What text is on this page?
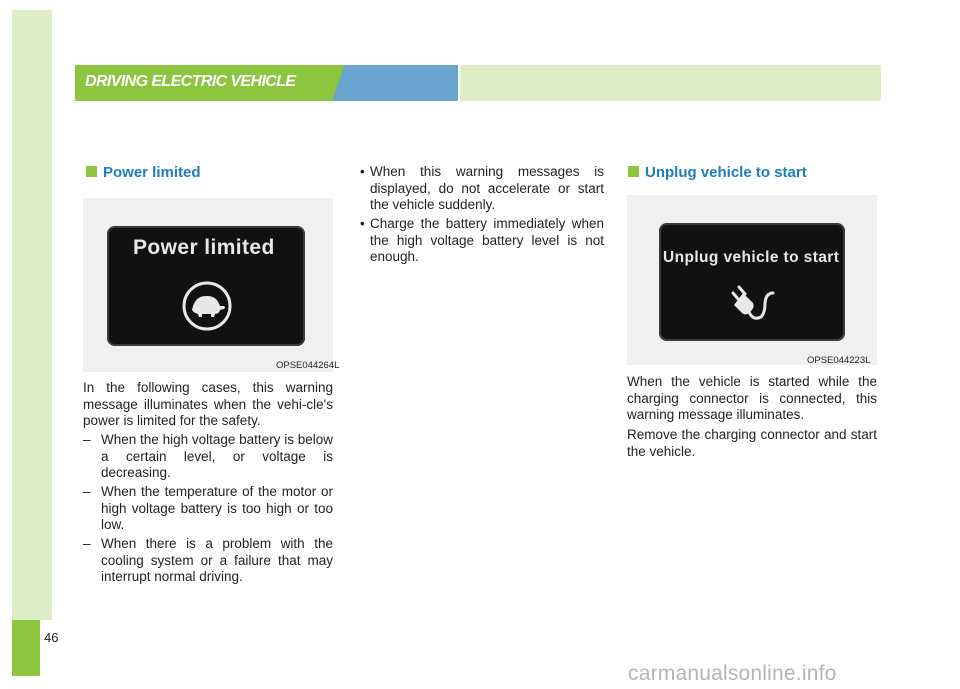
46
DRIVING ELECTRIC VEHICLE
Power limited
Power limited
OPSE044264L

In the following cases, this warning message illuminates when the vehi-cle's power is limited for the safety.

– When the high voltage battery is below a certain level, or voltage is decreasing.
– When the temperature of the motor or high voltage battery is too high or too low.
– When there is a problem with the cooling system or a failure that may interrupt normal driving.
• When this warning messages is displayed, do not accelerate or start the vehicle suddenly.
• Charge the battery immediately when the high voltage battery level is not enough.
Unplug vehicle to start
Unplug vehicle to start
OPSE044223L

When the vehicle is started while the charging connector is connected, this warning message illuminates.

Remove the charging connector and start the vehicle.

carmanualsonline.info
